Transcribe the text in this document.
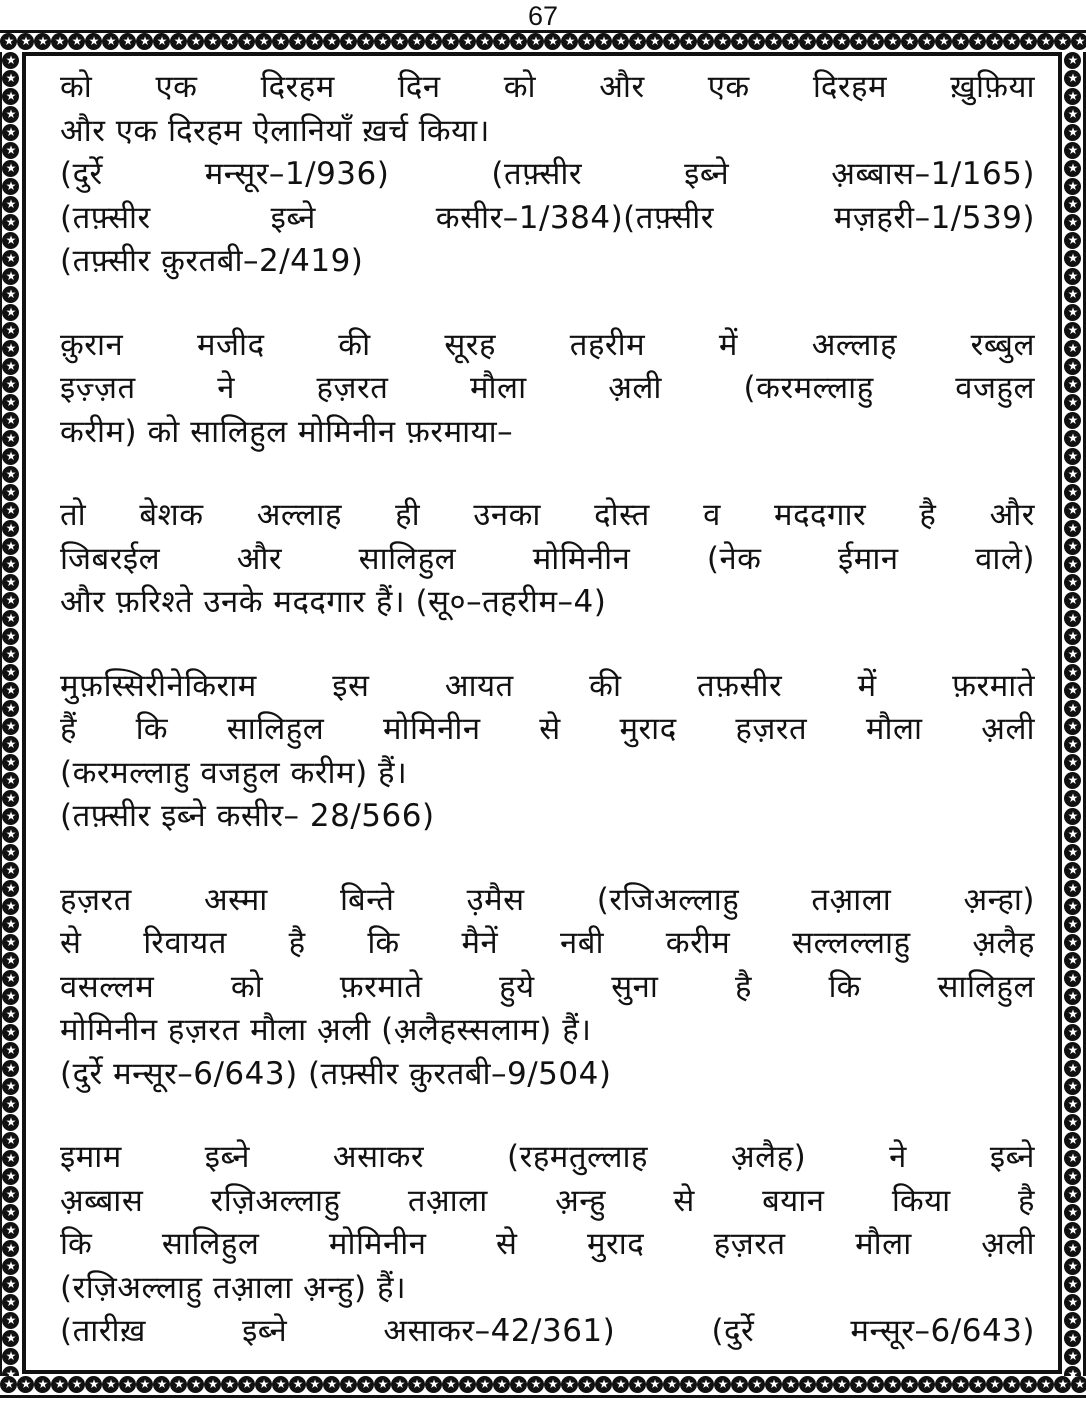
67
★★★★★★★★★★★★★★★★★★★★★★★★★★★★★★★★★★★★★★★★★★★★★★★★★★★★★★★★★★★★★★★★
★★★★★★★★★★★★★★★★★★★★★★★★★★★★★★★★★★★★★★★★★★★★★★★★★★★★★★★★★★★★★★★★
★
★
★
★
★
★
★
★
★
★
★
★
★
★
★
★
★
★
★
★
★
★
★
★
★
★
★
★
★
★
★
★
★
★
★
★
★
★
★
★
★
★
★
★
★
★
★
★
★
★
★
★
★
★
★
★
★
★
★
★
★
★
★
★
★
★
★
★
★
★
★
★
★
★
★
★
★
★
★
★
★
★
★
★
★
★
★
★
★
★
★
★
★
★
★
★
★
★
★
★
★
★
★
★
★
★
★
★
★
★
★
★
★
★
★
★
★
★
★
★
★
★
★
★
★
★
★
★
★
★
★
★
★
★
★
★
★
★
★
★
★
★
★
★
★
★
★
★
को एक दिरहम दिन को और एक दिरहम ख़ुफ़िया
और एक दिरहम ऐलानियाँ ख़र्च किया।
(दुर्रे मन्सूर–1/936) (तफ़्सीर इब्ने अ़ब्बास–1/165)
(तफ़्सीर इब्ने कसीर–1/384)(तफ़्सीर मज़हरी–1/539)
(तफ़्सीर क़ुरतबी–2/419)
क़ुरान मजीद की सूरह तहरीम में अल्लाह रब्बुल
इज़्ज़त ने हज़रत मौला अ़ली (करमल्लाहु वजहुल
करीम) को सालिहुल मोमिनीन फ़रमाया–
तो बेशक अल्लाह ही उनका दोस्त व मददगार है और
जिबरईल और सालिहुल मोमिनीन (नेक ईमान वाले)
और फ़रिश्ते उनके मददगार हैं। (सू०–तहरीम–4)
मुफ़स्सिरीनेकिराम इस आयत की तफ़सीर में फ़रमाते
हैं कि सालिहुल मोमिनीन से मुराद हज़रत मौला अ़ली
(करमल्लाहु वजहुल करीम) हैं।
(तफ़्सीर इब्ने कसीर– 28/566)
हज़रत अस्मा बिन्ते उ़मैस (रजिअल्लाहु तआ़ला अ़न्हा)
से रिवायत है कि मैनें नबी करीम सल्लल्लाहु अ़लैह
वसल्लम को फ़रमाते हुये सुना है कि सालिहुल
मोमिनीन हज़रत मौला अ़ली (अ़लैहस्सलाम) हैं।
(दुर्रे मन्सूर–6/643) (तफ़्सीर क़ुरतबी–9/504)
इमाम इब्ने असाकर (रहमतुल्लाह अ़लैह) ने इब्ने
अ़ब्बास रज़िअल्लाहु तआ़ला अ़न्हु से बयान किया है
कि सालिहुल मोमिनीन से मुराद हज़रत मौला अ़ली
(रज़िअल्लाहु तआ़ला अ़न्हु) हैं।
(तारीख़ इब्ने असाकर–42/361) (दुर्रे मन्सूर–6/643)
